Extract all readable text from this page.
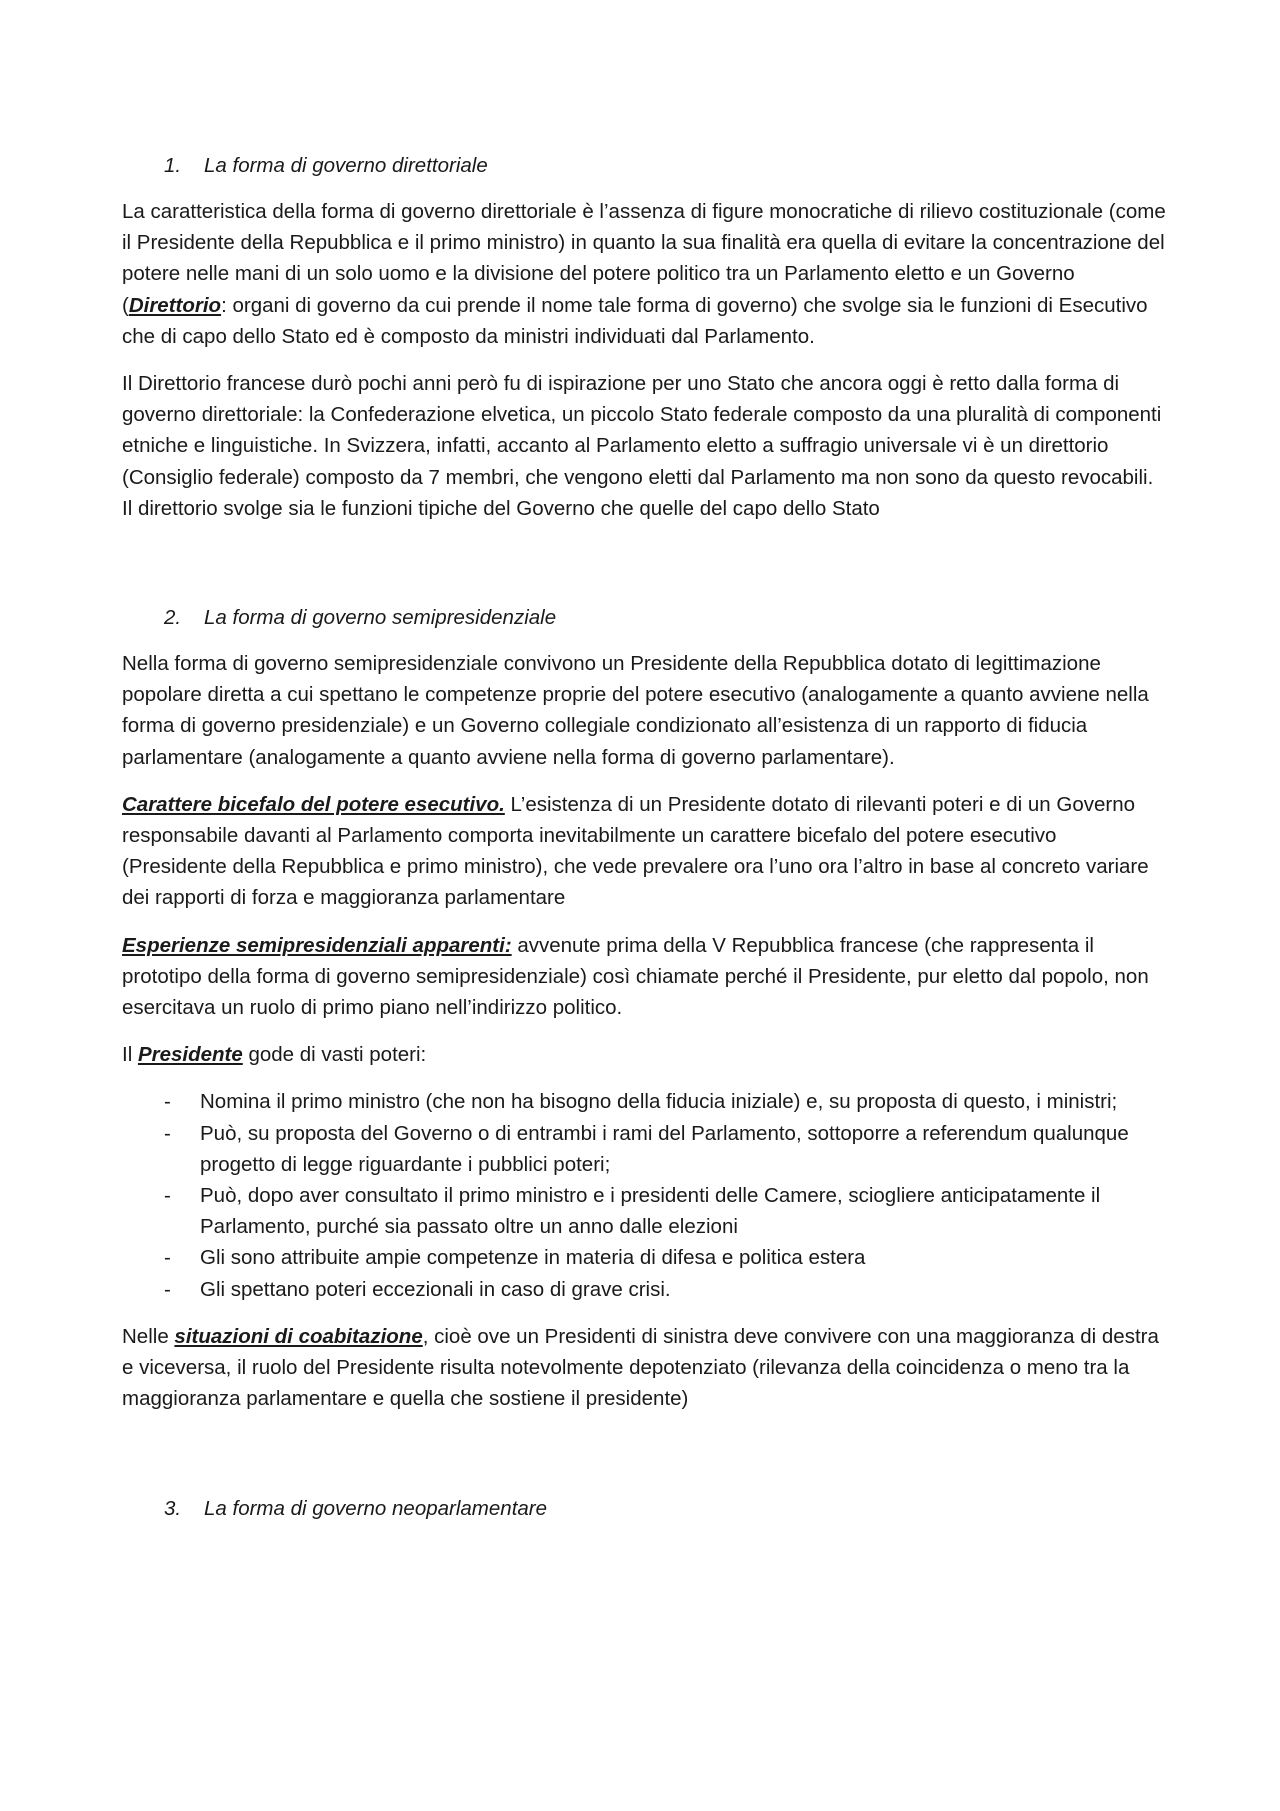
1.	La forma di governo direttoriale

La caratteristica della forma di governo direttoriale è l’assenza di figure monocratiche di rilievo costituzionale (come il Presidente della Repubblica e il primo ministro) in quanto la sua finalità era quella di evitare la concentrazione del potere nelle mani di un solo uomo e la divisione del potere politico tra un Parlamento eletto e un Governo (Direttorio: organi di governo da cui prende il nome tale forma di governo) che svolge sia le funzioni di Esecutivo che di capo dello Stato ed è composto da ministri individuati dal Parlamento.

Il Direttorio francese durò pochi anni però fu di ispirazione per uno Stato che ancora oggi è retto dalla forma di governo direttoriale: la Confederazione elvetica, un piccolo Stato federale composto da una pluralità di componenti etniche e linguistiche. In Svizzera, infatti, accanto al Parlamento eletto a suffragio universale vi è un direttorio (Consiglio federale) composto da 7 membri, che vengono eletti dal Parlamento ma non sono da questo revocabili. Il direttorio svolge sia le funzioni tipiche del Governo che quelle del capo dello Stato

2.	La forma di governo semipresidenziale

Nella forma di governo semipresidenziale convivono un Presidente della Repubblica dotato di legittimazione popolare diretta a cui spettano le competenze proprie del potere esecutivo (analogamente a quanto avviene nella forma di governo presidenziale) e un Governo collegiale condizionato all’esistenza di un rapporto di fiducia parlamentare (analogamente a quanto avviene nella forma di governo parlamentare).

Carattere bicefalo del potere esecutivo. L’esistenza di un Presidente dotato di rilevanti poteri e di un Governo responsabile davanti al Parlamento comporta inevitabilmente un carattere bicefalo del potere esecutivo (Presidente della Repubblica e primo ministro), che vede prevalere ora l’uno ora l’altro in base al concreto variare dei rapporti di forza e maggioranza parlamentare

Esperienze semipresidenziali apparenti: avvenute prima della V Repubblica francese (che rappresenta il prototipo della forma di governo semipresidenziale) così chiamate perché il Presidente, pur eletto dal popolo, non esercitava un ruolo di primo piano nell’indirizzo politico.

Il Presidente gode di vasti poteri:

-	Nomina il primo ministro (che non ha bisogno della fiducia iniziale) e, su proposta di questo, i ministri;
-	Può, su proposta del Governo o di entrambi i rami del Parlamento, sottoporre a referendum qualunque progetto di legge riguardante i pubblici poteri;
-	Può, dopo aver consultato il primo ministro e i presidenti delle Camere, sciogliere anticipatamente il Parlamento, purché sia passato oltre un anno dalle elezioni
-	Gli sono attribuite ampie competenze in materia di difesa e politica estera
-	Gli spettano poteri eccezionali in caso di grave crisi.

Nelle situazioni di coabitazione, cioè ove un Presidenti di sinistra deve convivere con una maggioranza di destra e viceversa, il ruolo del Presidente risulta notevolmente depotenziato (rilevanza della coincidenza o meno tra la maggioranza parlamentare e quella che sostiene il presidente)

3.	La forma di governo neoparlamentare
